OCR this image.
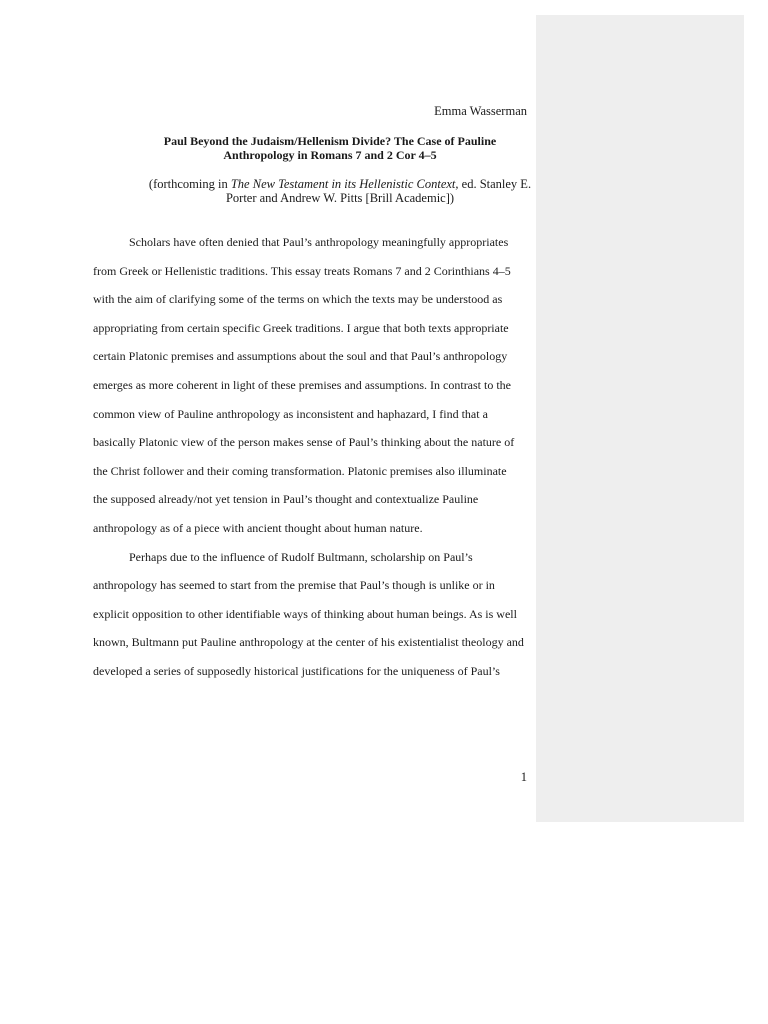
Emma Wasserman
Paul Beyond the Judaism/Hellenism Divide? The Case of Pauline
Anthropology in Romans 7 and 2 Cor 4–5
(forthcoming in The New Testament in its Hellenistic Context, ed. Stanley E.
Porter and Andrew W. Pitts [Brill Academic])
Scholars have often denied that Paul’s anthropology meaningfully appropriates
from Greek or Hellenistic traditions. This essay treats Romans 7 and 2 Corinthians 4–5
with the aim of clarifying some of the terms on which the texts may be understood as
appropriating from certain specific Greek traditions. I argue that both texts appropriate
certain Platonic premises and assumptions about the soul and that Paul’s anthropology
emerges as more coherent in light of these premises and assumptions. In contrast to the
common view of Pauline anthropology as inconsistent and haphazard, I find that a
basically Platonic view of the person makes sense of Paul’s thinking about the nature of
the Christ follower and their coming transformation. Platonic premises also illuminate
the supposed already/not yet tension in Paul’s thought and contextualize Pauline
anthropology as of a piece with ancient thought about human nature.
Perhaps due to the influence of Rudolf Bultmann, scholarship on Paul’s
anthropology has seemed to start from the premise that Paul’s though is unlike or in
explicit opposition to other identifiable ways of thinking about human beings. As is well
known, Bultmann put Pauline anthropology at the center of his existentialist theology and
developed a series of supposedly historical justifications for the uniqueness of Paul’s
1
